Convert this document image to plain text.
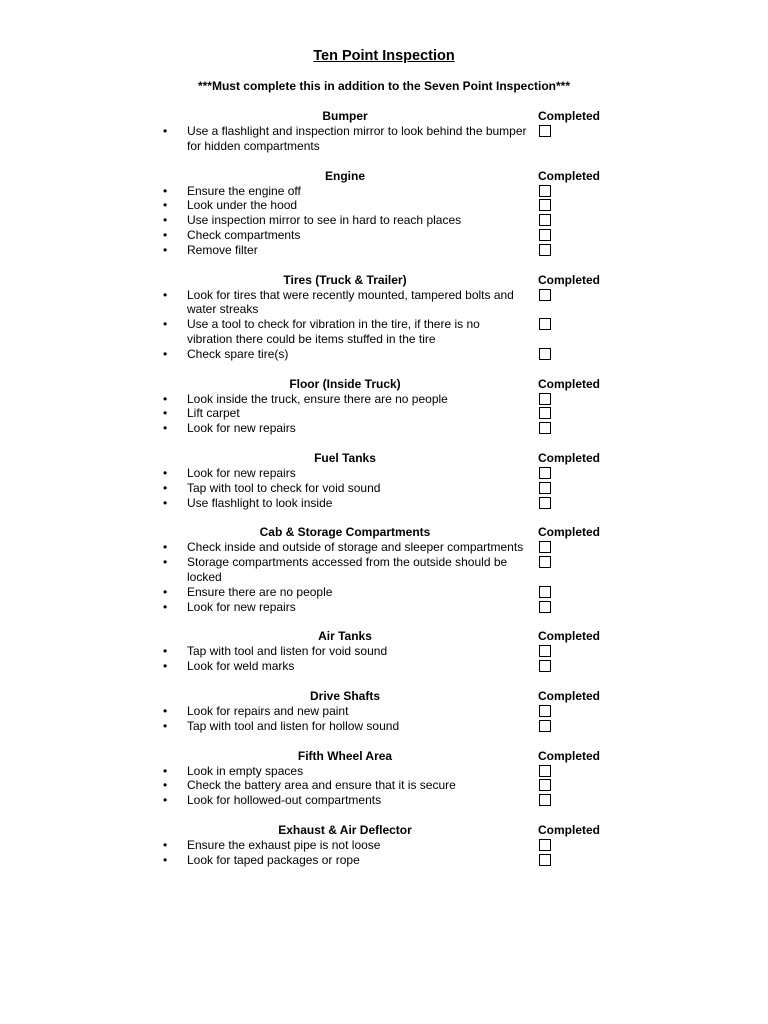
Ten Point Inspection
***Must complete this in addition to the Seven Point Inspection***
Bumper	Completed
• Use a flashlight and inspection mirror to look behind the bumper for hidden compartments
Engine	Completed
• Ensure the engine off
• Look under the hood
• Use inspection mirror to see in hard to reach places
• Check compartments
• Remove filter
Tires (Truck & Trailer)	Completed
• Look for tires that were recently mounted, tampered bolts and water streaks
• Use a tool to check for vibration in the tire, if there is no vibration there could be items stuffed in the tire
• Check spare tire(s)
Floor (Inside Truck)	Completed
• Look inside the truck, ensure there are no people
• Lift carpet
• Look for new repairs
Fuel Tanks	Completed
• Look for new repairs
• Tap with tool to check for void sound
• Use flashlight to look inside
Cab & Storage Compartments	Completed
• Check inside and outside of storage and sleeper compartments
• Storage compartments accessed from the outside should be locked
• Ensure there are no people
• Look for new repairs
Air Tanks	Completed
• Tap with tool and listen for void sound
• Look for weld marks
Drive Shafts	Completed
• Look for repairs and new paint
• Tap with tool and listen for hollow sound
Fifth Wheel Area	Completed
• Look in empty spaces
• Check the battery area and ensure that it is secure
• Look for hollowed-out compartments
Exhaust & Air Deflector	Completed
• Ensure the exhaust pipe is not loose
• Look for taped packages or rope
